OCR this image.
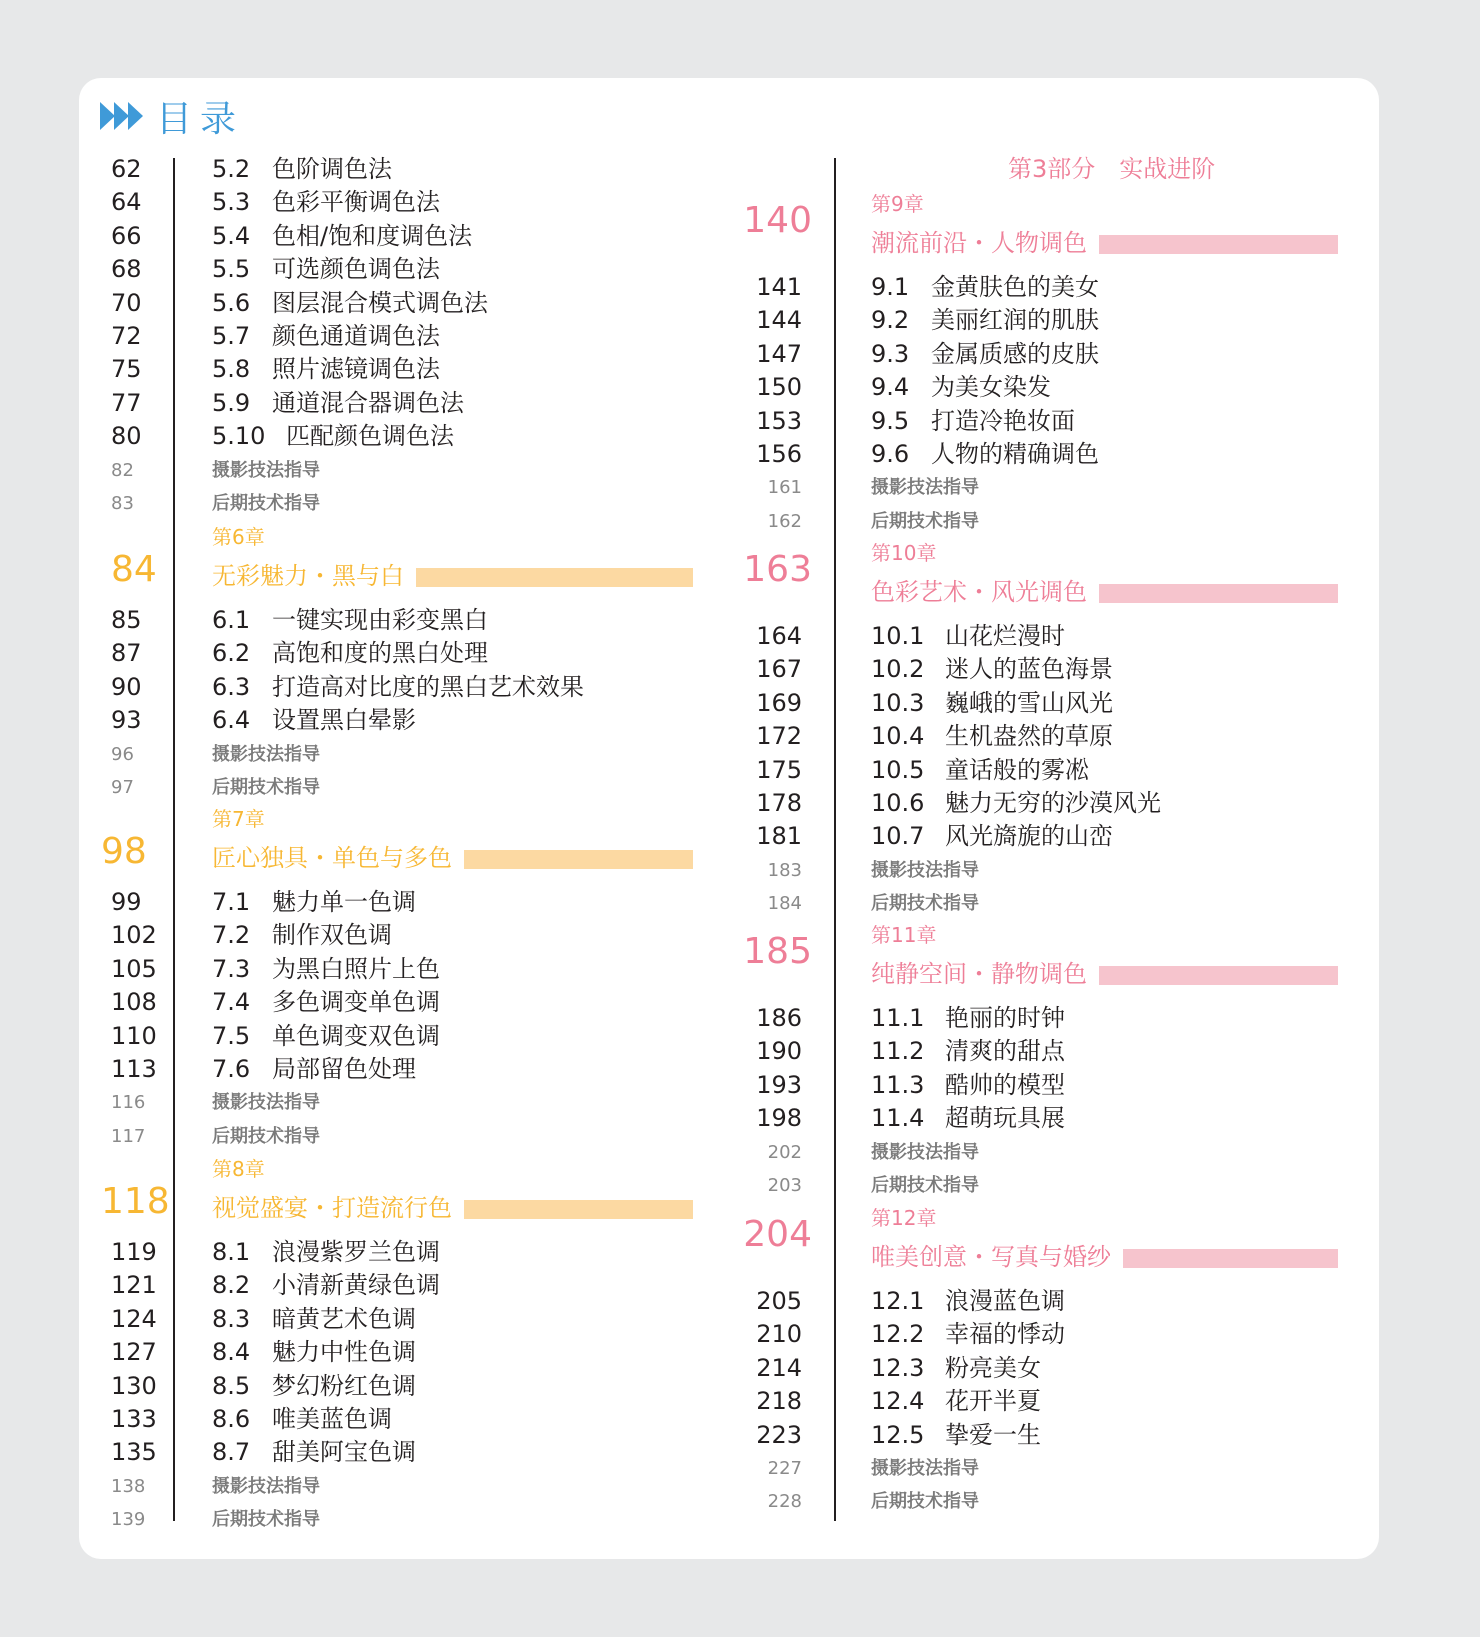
目录
第3部分　实战进阶
62	5.2 色阶调色法
64	5.3 色彩平衡调色法
66	5.4 色相/饱和度调色法
68	5.5 可选颜色调色法
70	5.6 图层混合模式调色法
72	5.7 颜色通道调色法
75	5.8 照片滤镜调色法
77	5.9 通道混合器调色法
80	5.10 匹配颜色调色法
82	摄影技法指导
83	后期技术指导
第6章
无彩魅力・黑与白
84
85	6.1 一键实现由彩变黑白
87	6.2 高饱和度的黑白处理
90	6.3 打造高对比度的黑白艺术效果
93	6.4 设置黑白晕影
96	摄影技法指导
97	后期技术指导
第7章
匠心独具・单色与多色
98
99	7.1 魅力单一色调
102 7.2 制作双色调
105 7.3 为黑白照片上色
108 7.4 多色调变单色调
110 7.5 单色调变双色调
113 7.6 局部留色处理
116	摄影技法指导
117	后期技术指导
第8章
视觉盛宴・打造流行色
118
119 8.1 浪漫紫罗兰色调
121 8.2 小清新黄绿色调
124 8.3 暗黄艺术色调
127 8.4 魅力中性色调
130 8.5 梦幻粉红色调
133 8.6 唯美蓝色调
135 8.7 甜美阿宝色调
138	摄影技法指导
139	后期技术指导
第9章
潮流前沿・人物调色
140
141	9.1 金黄肤色的美女
144	9.2 美丽红润的肌肤
147	9.3 金属质感的皮肤
150	9.4 为美女染发
153	9.5 打造冷艳妆面
156	9.6 人物的精确调色
161	摄影技法指导
162	后期技术指导
第10章
色彩艺术・风光调色
163
164	10.1 山花烂漫时
167	10.2 迷人的蓝色海景
169	10.3 巍峨的雪山风光
172	10.4 生机盎然的草原
175	10.5 童话般的雾凇
178	10.6 魅力无穷的沙漠风光
181	10.7 风光旖旎的山峦
183	摄影技法指导
184	后期技术指导
第11章
纯静空间・静物调色
185
186	11.1 艳丽的时钟
190	11.2 清爽的甜点
193	11.3 酷帅的模型
198	11.4 超萌玩具展
202	摄影技法指导
203	后期技术指导
第12章
唯美创意・写真与婚纱
204
205	12.1 浪漫蓝色调
210	12.2 幸福的悸动
214	12.3 粉亮美女
218	12.4 花开半夏
223	12.5 挚爱一生
227	摄影技法指导
228	后期技术指导
